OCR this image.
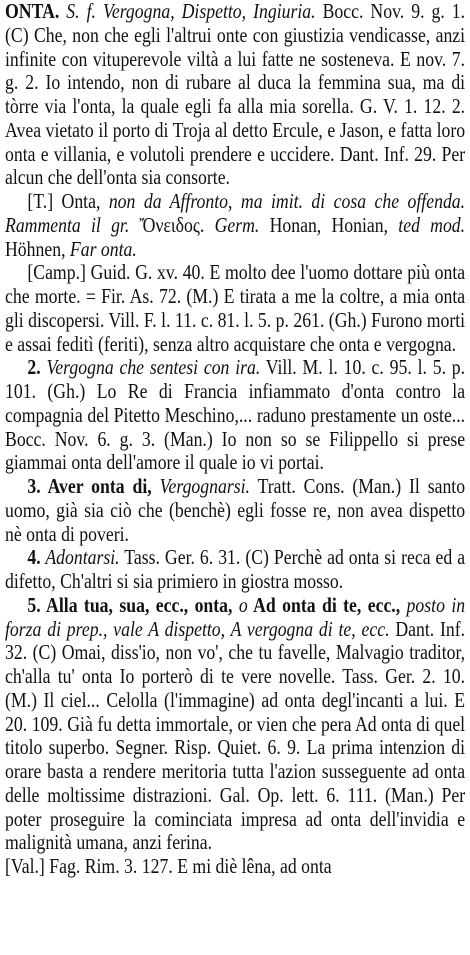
ONTA. S. f. Vergogna, Dispetto, Ingiuria. Bocc. Nov. 9. g. 1. (C) Che, non che egli l'altrui onte con giustizia vendicasse, anzi infinite con vituperevole viltà a lui fatte ne sosteneva. E nov. 7. g. 2. Io intendo, non di rubare al duca la femmina sua, ma di tòrre via l'onta, la quale egli fa alla mia sorella. G. V. 1. 12. 2. Avea vietato il porto di Troja al detto Ercule, e Jason, e fatta loro onta e villania, e volutoli prendere e uccidere. Dant. Inf. 29. Per alcun che dell'onta sia consorte.

[T.] Onta, non da Affronto, ma imit. di cosa che offenda. Rammenta il gr. Ὄνειδος. Germ. Honan, Honian, ted mod. Höhnen, Far onta.

[Camp.] Guid. G. xv. 40. E molto dee l'uomo dottare più onta che morte. = Fir. As. 72. (M.) E tirata a me la coltre, a mia onta gli discopersi. Vill. F. l. 11. c. 81. l. 5. p. 261. (Gh.) Furono morti e assai feditì (feriti), senza altro acquistare che onta e vergogna.

2. Vergogna che sentesi con ira. Vill. M. l. 10. c. 95. l. 5. p. 101. (Gh.) Lo Re di Francia infiammato d'onta contro la compagnia del Pitetto Meschino,... raduno prestamente un oste... Bocc. Nov. 6. g. 3. (Man.) Io non so se Filippello si prese giammai onta dell'amore il quale io vi portai.

3. Aver onta di, Vergognarsi. Tratt. Cons. (Man.) Il santo uomo, già sia ciò che (benchè) egli fosse re, non avea dispetto nè onta di poveri.

4. Adontarsi. Tass. Ger. 6. 31. (C) Perchè ad onta si reca ed a difetto, Ch'altri si sia primiero in giostra mosso.

5. Alla tua, sua, ecc., onta, o Ad onta di te, ecc., posto in forza di prep., vale A dispetto, A vergogna di te, ecc. Dant. Inf. 32. (C) Omai, diss'io, non vo', che tu favelle, Malvagio traditor, ch'alla tu' onta Io porterò di te vere novelle. Tass. Ger. 2. 10. (M.) Il ciel... Celolla (l'immagine) ad onta degl'incanti a lui. E 20. 109. Già fu detta immortale, or vien che pera Ad onta di quel titolo superbo. Segner. Risp. Quiet. 6. 9. La prima intenzion di orare basta a rendere meritoria tutta l'azion susseguente ad onta delle moltissime distrazioni. Gal. Op. lett. 6. 111. (Man.) Per poter proseguire la cominciata impresa ad onta dell'invidia e malignità umana, anzi ferina.
[Val.] Fag. Rim. 3. 127. E mi diè lêna, ad onta
